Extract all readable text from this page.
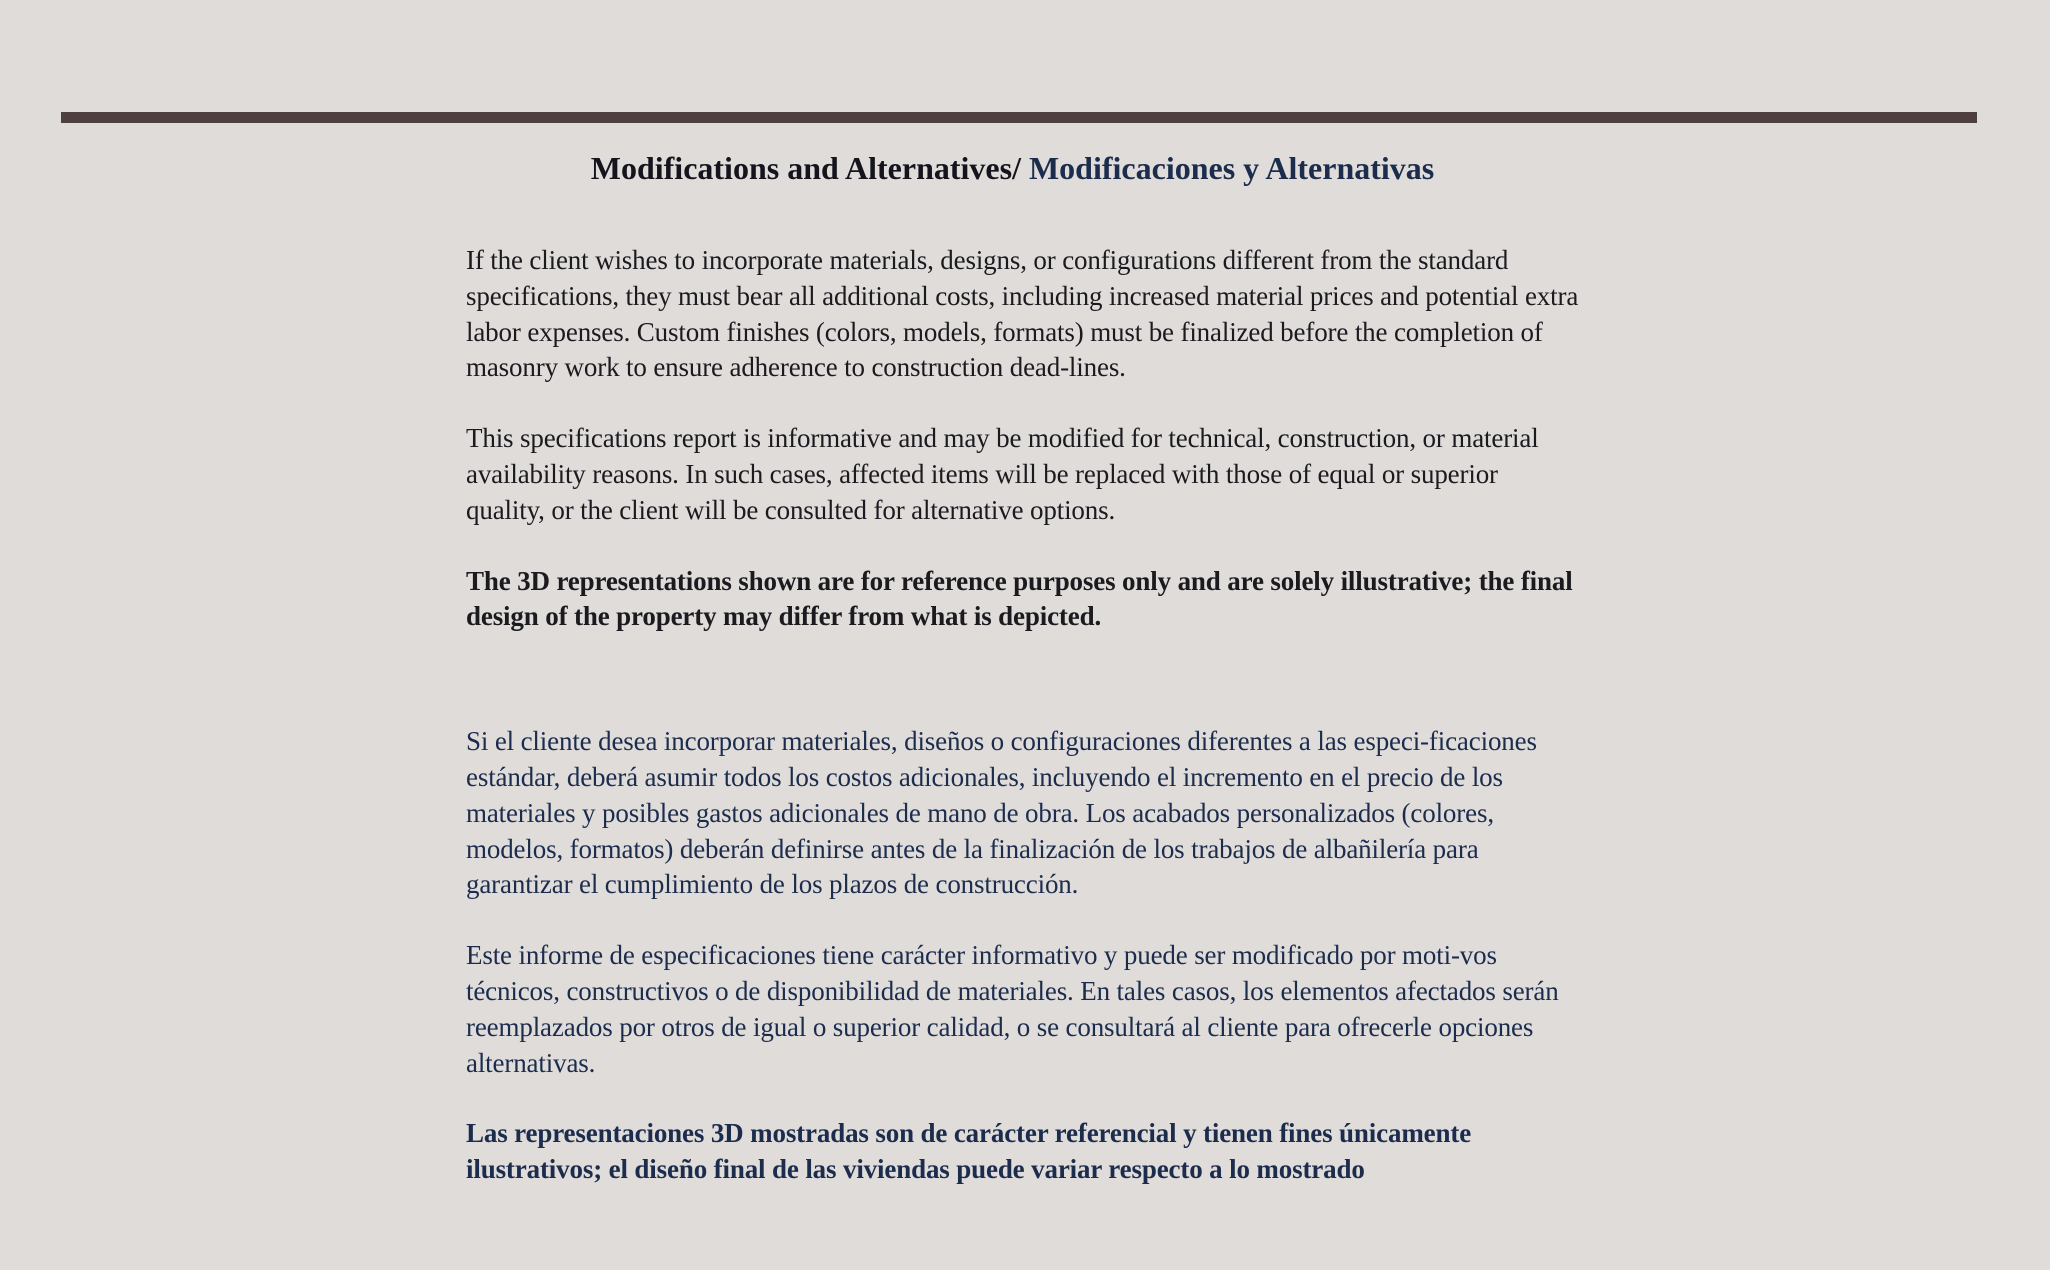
Modifications and Alternatives/ Modificaciones y Alternativas

If the client wishes to incorporate materials, designs, or configurations different from the standard specifications, they must bear all additional costs, including increased material prices and potential extra labor expenses. Custom finishes (colors, models, formats) must be finalized before the completion of masonry work to ensure adherence to construction dead-lines.

This specifications report is informative and may be modified for technical, construction, or material availability reasons. In such cases, affected items will be replaced with those of equal or superior quality, or the client will be consulted for alternative options.

The 3D representations shown are for reference purposes only and are solely illustrative; the final design of the property may differ from what is depicted.

Si el cliente desea incorporar materiales, diseños o configuraciones diferentes a las especi-ficaciones estándar, deberá asumir todos los costos adicionales, incluyendo el incremento en el precio de los materiales y posibles gastos adicionales de mano de obra. Los acabados personalizados (colores, modelos, formatos) deberán definirse antes de la finalización de los trabajos de albañilería para garantizar el cumplimiento de los plazos de construcción.

Este informe de especificaciones tiene carácter informativo y puede ser modificado por moti-vos técnicos, constructivos o de disponibilidad de materiales. En tales casos, los elementos afectados serán reemplazados por otros de igual o superior calidad, o se consultará al cliente para ofrecerle opciones alternativas.

Las representaciones 3D mostradas son de carácter referencial y tienen fines únicamente ilustrativos; el diseño final de las viviendas puede variar respecto a lo mostrado
